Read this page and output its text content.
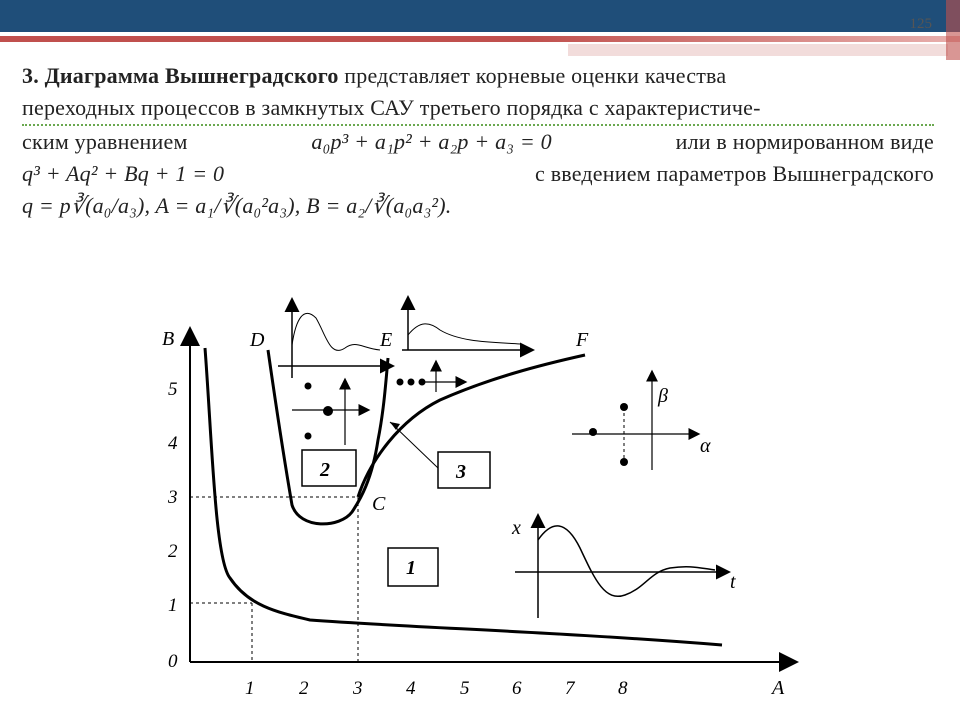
125
3. Диаграмма Вышнеградского представляет корневые оценки качества
переходных процессов в замкнутых САУ третьего порядка с характеристиче-
ским уравнением	a₀p³ + a₁p² + a₂p + a₃ = 0	или в нормированном виде
q³ + Aq² + Bq + 1 = 0	с введением параметров Вышнеградского
q = p∛(a₀/a₃), A = a₁/∛(a₀²a₃), B = a₂/∛(a₀a₃²).
B
A
0
1
2
3
4
5
1 2 3 4 5 6 7 8
D	E	F
C
2	3
1
α
β
x
t
